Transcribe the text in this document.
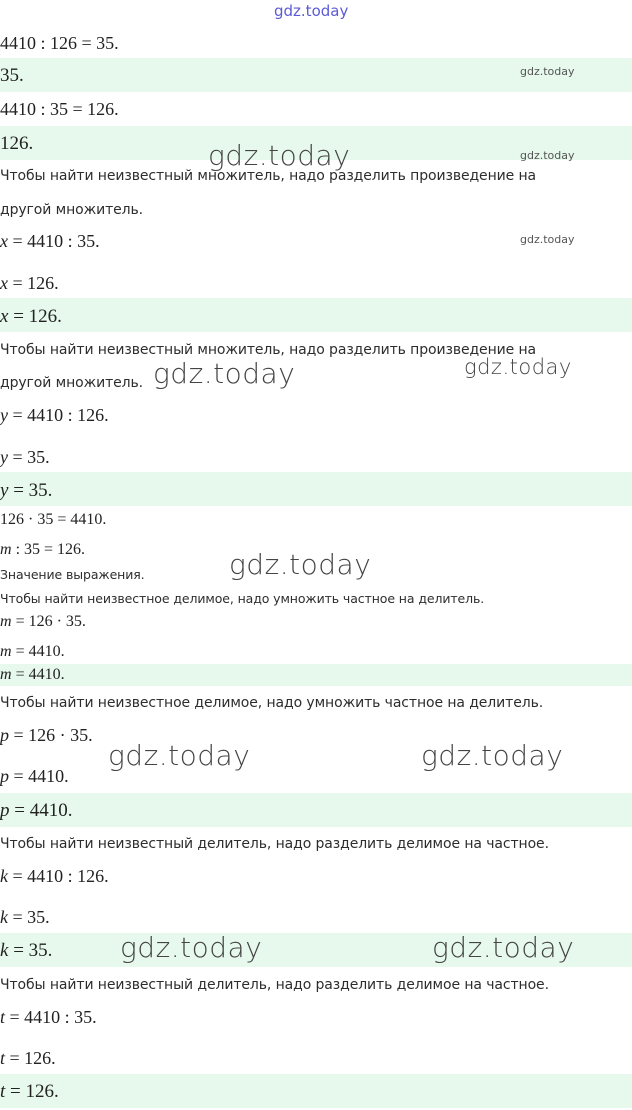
4410 : 126 = 35.
35.
4410 : 35 = 126.
126.
Чтобы найти неизвестный множитель, надо разделить произведение на
другой множитель.
x = 4410 : 35.
x = 126.
x = 126.
Чтобы найти неизвестный множитель, надо разделить произведение на
другой множитель.
y = 4410 : 126.
y = 35.
y = 35.
126 · 35 = 4410.
m : 35 = 126.
Значение выражения.
Чтобы найти неизвестное делимое, надо умножить частное на делитель.
m = 126 · 35.
m = 4410.
m = 4410.
Чтобы найти неизвестное делимое, надо умножить частное на делитель.
p = 126 · 35.
p = 4410.
p = 4410.
Чтобы найти неизвестный делитель, надо разделить делимое на частное.
k = 4410 : 126.
k = 35.
k = 35.
Чтобы найти неизвестный делитель, надо разделить делимое на частное.
t = 4410 : 35.
t = 126.
t = 126.
gdz.today
gdz.today
gdz.today
gdz.today
gdz.today
gdz.today	gdz.today
gdz.today
gdz.today	gdz.today
gdz.today	gdz.today
